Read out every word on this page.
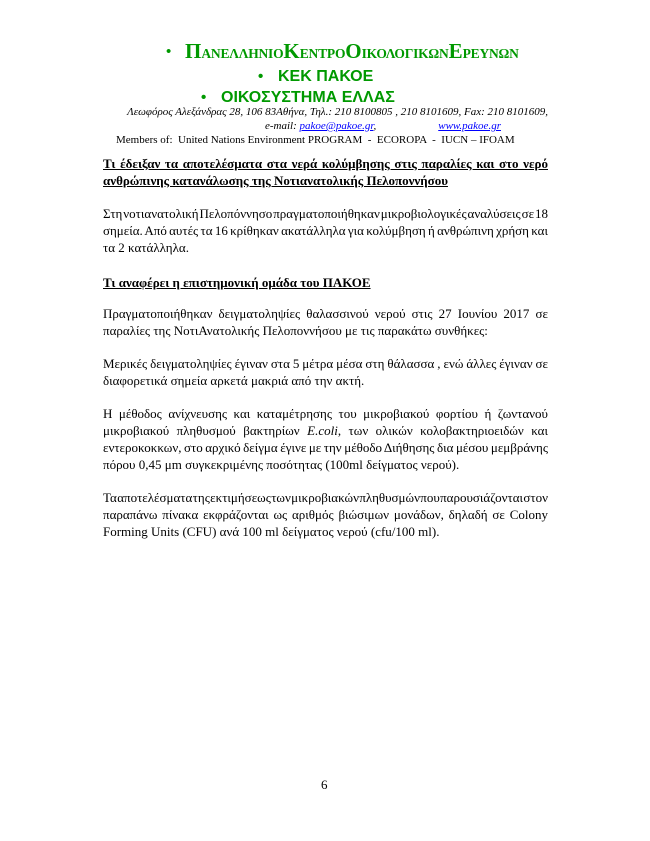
• ΠΑΝΕΛΛΗΝΙΟΚΕΝΤΡΟΟΙΚΟΛΟΓΙΚΩΝΕΡΕΥΝΩΝ
• ΚΕΚ ΠΑΚΟΕ
• ΟΙΚΟΣΥΣΤΗΜΑ ΕΛΛΑΣ
Λεωφόρος Αλεξάνδρας 28, 106 83Αθήνα, Τηλ.: 210 8100805 , 210 8101609, Fax: 210 8101609,
e-mail: pakoe@pakoe.gr,	www.pakoe.gr
Members of:  United Nations Environment PROGRAM  -  ECOROPA  -  IUCN – IFOAM
Τι έδειξαν τα αποτελέσματα στα νερά κολύμβησης στις παραλίες και στο νερό
ανθρώπινης κατανάλωσης της Νοτιανατολικής Πελοποννήσου
Στη νοτιανατολική Πελοπόννησο πραγματοποιήθηκαν μικροβιολογικές αναλύσεις σε 18
σημεία. Από αυτές τα 16 κρίθηκαν ακατάλληλα για κολύμβηση ή ανθρώπινη χρήση και
τα 2 κατάλληλα.
Τι αναφέρει η επιστημονική ομάδα του ΠΑΚΟΕ
Πραγματοποιήθηκαν δειγματοληψίες θαλασσινού νερού στις 27 Ιουνίου 2017 σε
παραλίες της ΝοτιΑνατολικής Πελοποννήσου με τις παρακάτω συνθήκες:
Μερικές δειγματοληψίες έγιναν στα 5 μέτρα μέσα στη θάλασσα , ενώ άλλες έγιναν σε
διαφορετικά σημεία αρκετά μακριά από την ακτή.
Η μέθοδος ανίχνευσης και καταμέτρησης του μικροβιακού φορτίου ή ζωντανού
μικροβιακού πληθυσμού βακτηρίων E.coli, των ολικών κολοβακτηριοειδών και
εντεροκοκκων, στο αρχικό δείγμα έγινε με την μέθοδο Διήθησης δια μέσου μεμβράνης
πόρου 0,45 μm συγκεκριμένης ποσότητας (100ml δείγματος νερού).
Τα αποτελέσματα της εκτιμήσεως των μικροβιακών πληθυσμών που παρουσιάζονται στον
παραπάνω πίνακα εκφράζονται ως αριθμός βιώσιμων μονάδων, δηλαδή σε Colony
Forming Units (CFU) ανά 100 ml δείγματος νερού (cfu/100 ml).
6
